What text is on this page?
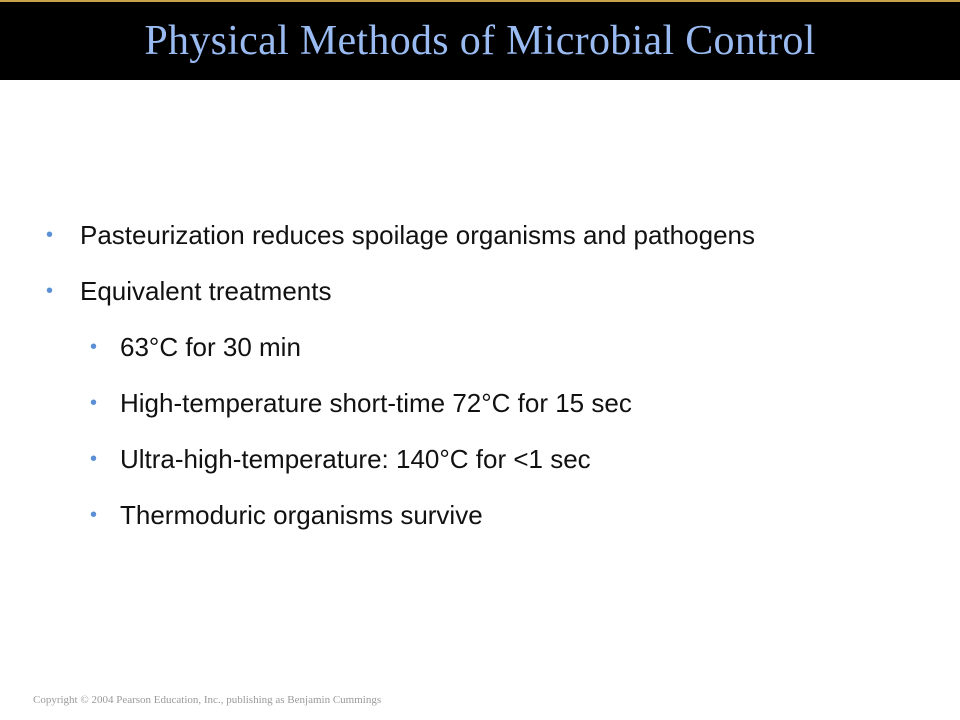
Physical Methods of Microbial Control
• Pasteurization reduces spoilage organisms and pathogens
• Equivalent treatments
• 63°C for 30 min
• High-temperature short-time 72°C for 15 sec
• Ultra-high-temperature: 140°C for <1 sec
• Thermoduric organisms survive
Copyright © 2004 Pearson Education, Inc., publishing as Benjamin Cummings
